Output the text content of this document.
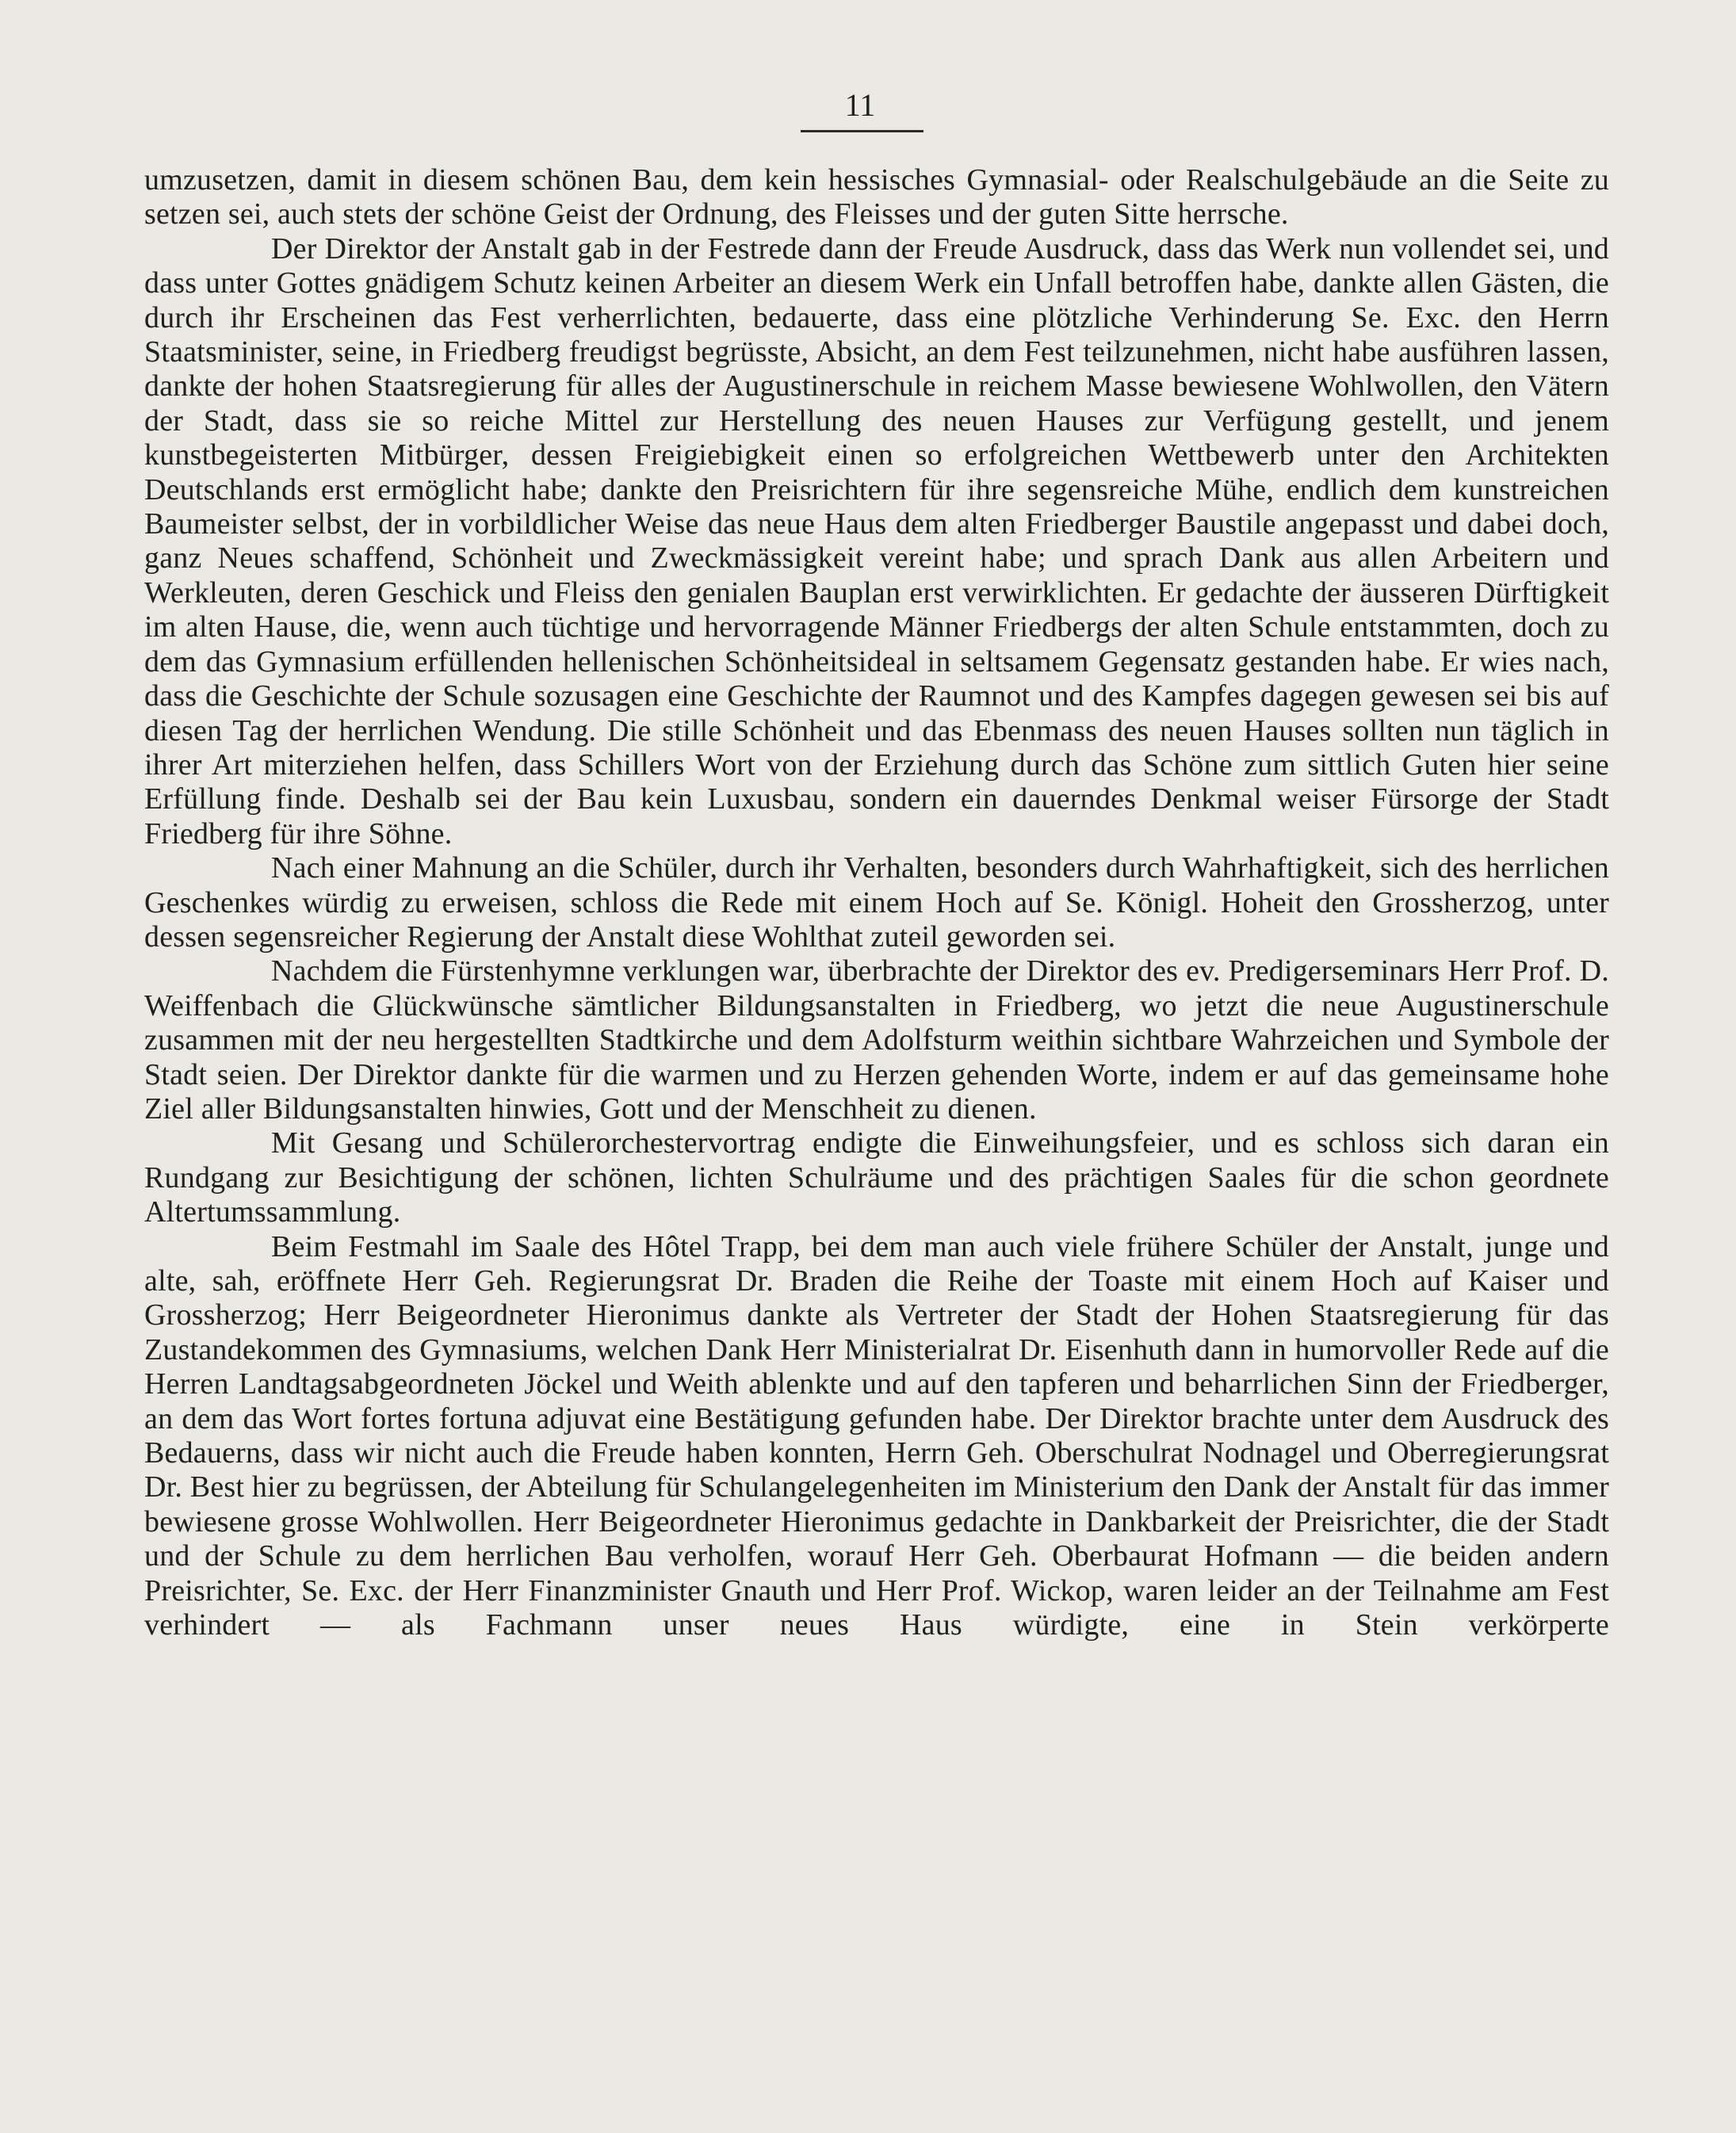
11

umzusetzen, damit in diesem schönen Bau, dem kein hessisches Gymnasial- oder Realschulgebäude an die Seite zu setzen sei, auch stets der schöne Geist der Ordnung, des Fleisses und der guten Sitte herrsche.

Der Direktor der Anstalt gab in der Festrede dann der Freude Ausdruck, dass das Werk nun vollendet sei, und dass unter Gottes gnädigem Schutz keinen Arbeiter an diesem Werk ein Unfall betroffen habe, dankte allen Gästen, die durch ihr Erscheinen das Fest verherrlichten, bedauerte, dass eine plötzliche Verhinderung Se. Exc. den Herrn Staatsminister, seine, in Friedberg freudigst begrüsste, Absicht, an dem Fest teilzunehmen, nicht habe ausführen lassen, dankte der hohen Staatsregierung für alles der Augustinerschule in reichem Masse bewiesene Wohlwollen, den Vätern der Stadt, dass sie so reiche Mittel zur Herstellung des neuen Hauses zur Verfügung gestellt, und jenem kunstbegeisterten Mitbürger, dessen Freigiebigkeit einen so erfolgreichen Wettbewerb unter den Architekten Deutschlands erst ermöglicht habe; dankte den Preisrichtern für ihre segensreiche Mühe, endlich dem kunstreichen Baumeister selbst, der in vorbildlicher Weise das neue Haus dem alten Friedberger Baustile angepasst und dabei doch, ganz Neues schaffend, Schönheit und Zweckmässigkeit vereint habe; und sprach Dank aus allen Arbeitern und Werkleuten, deren Geschick und Fleiss den genialen Bauplan erst verwirklichten. Er gedachte der äusseren Dürftigkeit im alten Hause, die, wenn auch tüchtige und hervorragende Männer Friedbergs der alten Schule entstammten, doch zu dem das Gymnasium erfüllenden hellenischen Schönheitsideal in seltsamem Gegensatz gestanden habe. Er wies nach, dass die Geschichte der Schule sozusagen eine Geschichte der Raumnot und des Kampfes dagegen gewesen sei bis auf diesen Tag der herrlichen Wendung. Die stille Schönheit und das Ebenmass des neuen Hauses sollten nun täglich in ihrer Art miterziehen helfen, dass Schillers Wort von der Erziehung durch das Schöne zum sittlich Guten hier seine Erfüllung finde. Deshalb sei der Bau kein Luxusbau, sondern ein dauerndes Denkmal weiser Fürsorge der Stadt Friedberg für ihre Söhne.

Nach einer Mahnung an die Schüler, durch ihr Verhalten, besonders durch Wahrhaftigkeit, sich des herrlichen Geschenkes würdig zu erweisen, schloss die Rede mit einem Hoch auf Se. Königl. Hoheit den Grossherzog, unter dessen segensreicher Regierung der Anstalt diese Wohlthat zuteil geworden sei.

Nachdem die Fürstenhymne verklungen war, überbrachte der Direktor des ev. Predigerseminars Herr Prof. D. Weiffenbach die Glückwünsche sämtlicher Bildungsanstalten in Friedberg, wo jetzt die neue Augustinerschule zusammen mit der neu hergestellten Stadtkirche und dem Adolfsturm weithin sichtbare Wahrzeichen und Symbole der Stadt seien. Der Direktor dankte für die warmen und zu Herzen gehenden Worte, indem er auf das gemeinsame hohe Ziel aller Bildungsanstalten hinwies, Gott und der Menschheit zu dienen.

Mit Gesang und Schülerorchestervortrag endigte die Einweihungsfeier, und es schloss sich daran ein Rundgang zur Besichtigung der schönen, lichten Schulräume und des prächtigen Saales für die schon geordnete Altertumssammlung.

Beim Festmahl im Saale des Hôtel Trapp, bei dem man auch viele frühere Schüler der Anstalt, junge und alte, sah, eröffnete Herr Geh. Regierungsrat Dr. Braden die Reihe der Toaste mit einem Hoch auf Kaiser und Grossherzog; Herr Beigeordneter Hieronimus dankte als Vertreter der Stadt der Hohen Staatsregierung für das Zustandekommen des Gymnasiums, welchen Dank Herr Ministerialrat Dr. Eisenhuth dann in humorvoller Rede auf die Herren Landtagsabgeordneten Jöckel und Weith ablenkte und auf den tapferen und beharrlichen Sinn der Friedberger, an dem das Wort fortes fortuna adjuvat eine Bestätigung gefunden habe. Der Direktor brachte unter dem Ausdruck des Bedauerns, dass wir nicht auch die Freude haben konnten, Herrn Geh. Oberschulrat Nodnagel und Oberregierungsrat Dr. Best hier zu begrüssen, der Abteilung für Schulangelegenheiten im Ministerium den Dank der Anstalt für das immer bewiesene grosse Wohlwollen. Herr Beigeordneter Hieronimus gedachte in Dankbarkeit der Preisrichter, die der Stadt und der Schule zu dem herrlichen Bau verholfen, worauf Herr Geh. Oberbaurat Hofmann — die beiden andern Preisrichter, Se. Exc. der Herr Finanzminister Gnauth und Herr Prof. Wickop, waren leider an der Teilnahme am Fest verhindert — als Fachmann unser neues Haus würdigte, eine in Stein verkörperte
